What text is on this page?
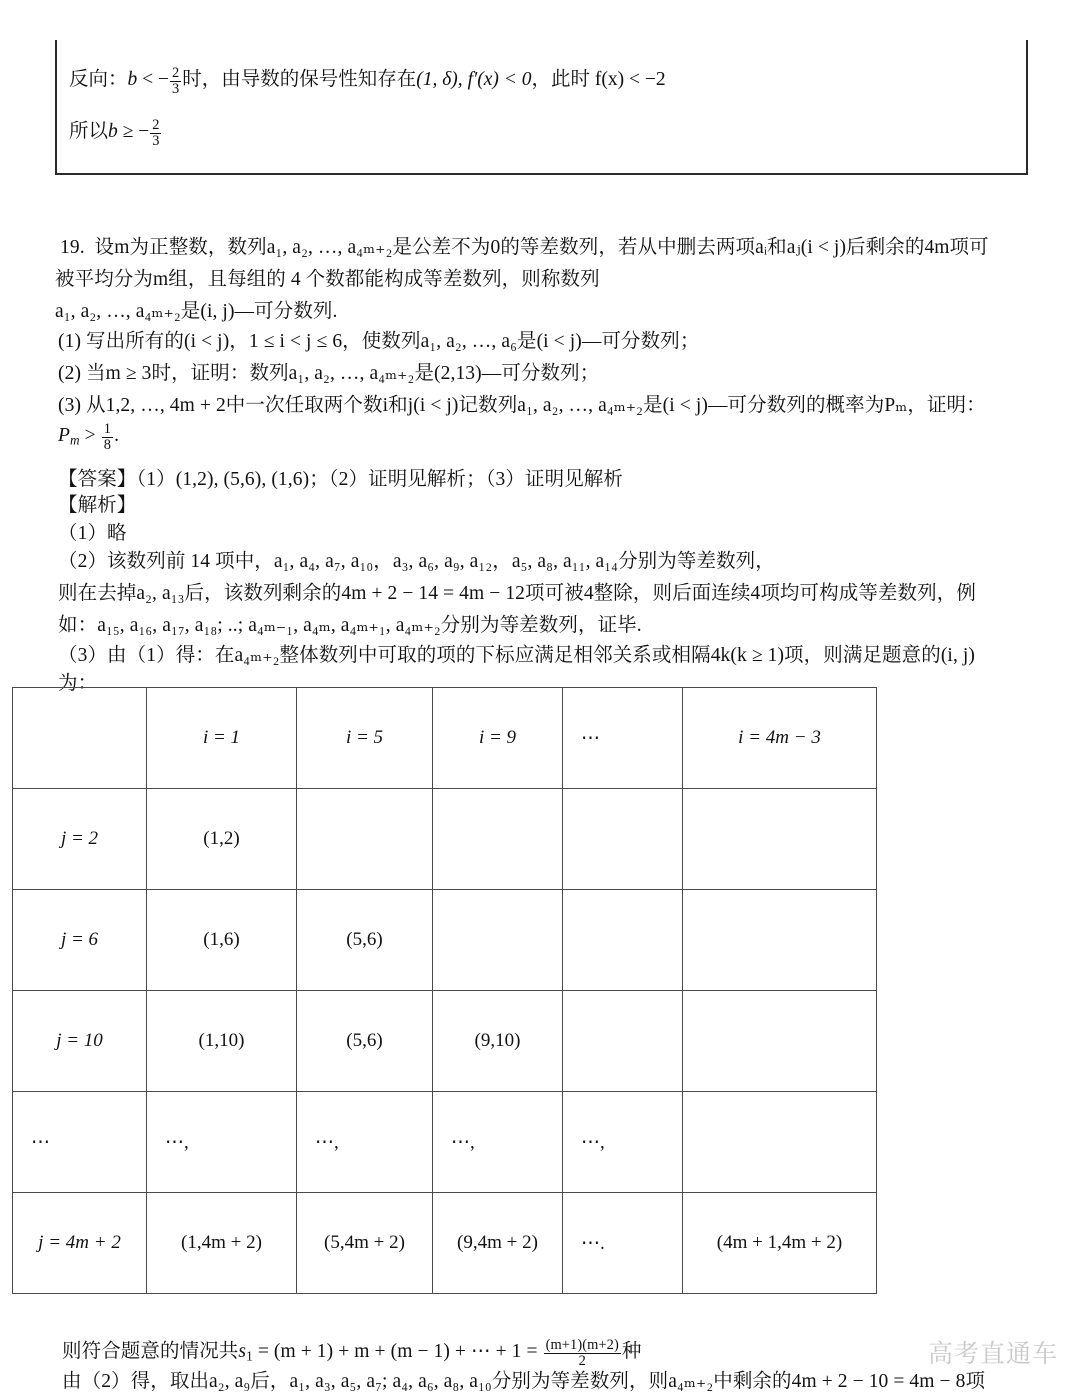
反向：b < − $\frac{2}{3}$ 时，由导数的保号性知存在(1, δ), f′(x) < 0，此时 f(x) < −2
所以b ≥ − $\frac{2}{3}$
19. 设m为正整数，数列a₁, a₂, …, a₄ₘ₊₂是公差不为0的等差数列，若从中删去两项aᵢ和aⱼ(i < j)后剩余的4m项可
被平均分为m组，且每组的 4 个数都能构成等差数列，则称数列
a₁, a₂, …, a₄ₘ₊₂是(i, j)—可分数列.
(1) 写出所有的(i < j)，1 ≤ i < j ≤ 6，使数列a₁, a₂, …, a₆是(i < j)—可分数列；
(2) 当m ≥ 3时，证明：数列a₁, a₂, …, a₄ₘ₊₂是(2,13)—可分数列；
(3) 从1,2, …, 4m + 2中一次任取两个数i和j(i < j)记数列a₁, a₂, …, a₄ₘ₊₂是(i < j)—可分数列的概率为Pₘ，证明：
$P_m > \frac{1}{8}$ .
【答案】（1）(1,2), (5,6), (1,6)；（2）证明见解析；（3）证明见解析
【解析】
（1）略
（2）该数列前 14 项中，a₁, a₄, a₇, a₁₀，a₃, a₆, a₉, a₁₂，a₅, a₈, a₁₁, a₁₄分别为等差数列，
则在去掉a₂, a₁₃后，该数列剩余的4m + 2 − 14 = 4m − 12项可被4整除，则后面连续4项均可构成等差数列，例
如：a₁₅, a₁₆, a₁₇, a₁₈; ..; a₄ₘ₋₁, a₄ₘ, a₄ₘ₊₁, a₄ₘ₊₂分别为等差数列，证毕.
（3）由（1）得：在a₄ₘ₊₂整体数列中可取的项的下标应满足相邻关系或相隔4k(k ≥ 1)项，则满足题意的(i, j)
为：
	i = 1	i = 5	i = 9	⋯	i = 4m − 3
j = 2	(1,2)				
j = 6	(1,6)	(5,6)			
j = 10	(1,10)	(5,6)	(9,10)		
⋯	⋯,	⋯,	⋯,	⋯,	
j = 4m + 2	(1,4m + 2)	(5,4m + 2)	(9,4m + 2)	⋯.	(4m + 1,4m + 2)
则符合题意的情况共$s_1 = (m + 1) + m + (m - 1)$ + ⋯ + $1 = \frac{(m+1)(m+2)}{2}$ 种
由（2）得，取出a₂, a₉后，a₁, a₃, a₅, a₇; a₄, a₆, a₈, a₁₀分别为等差数列，则a₄ₘ₊₂中剩余的4m + 2 − 10 = 4m − 8项
高考直通车
